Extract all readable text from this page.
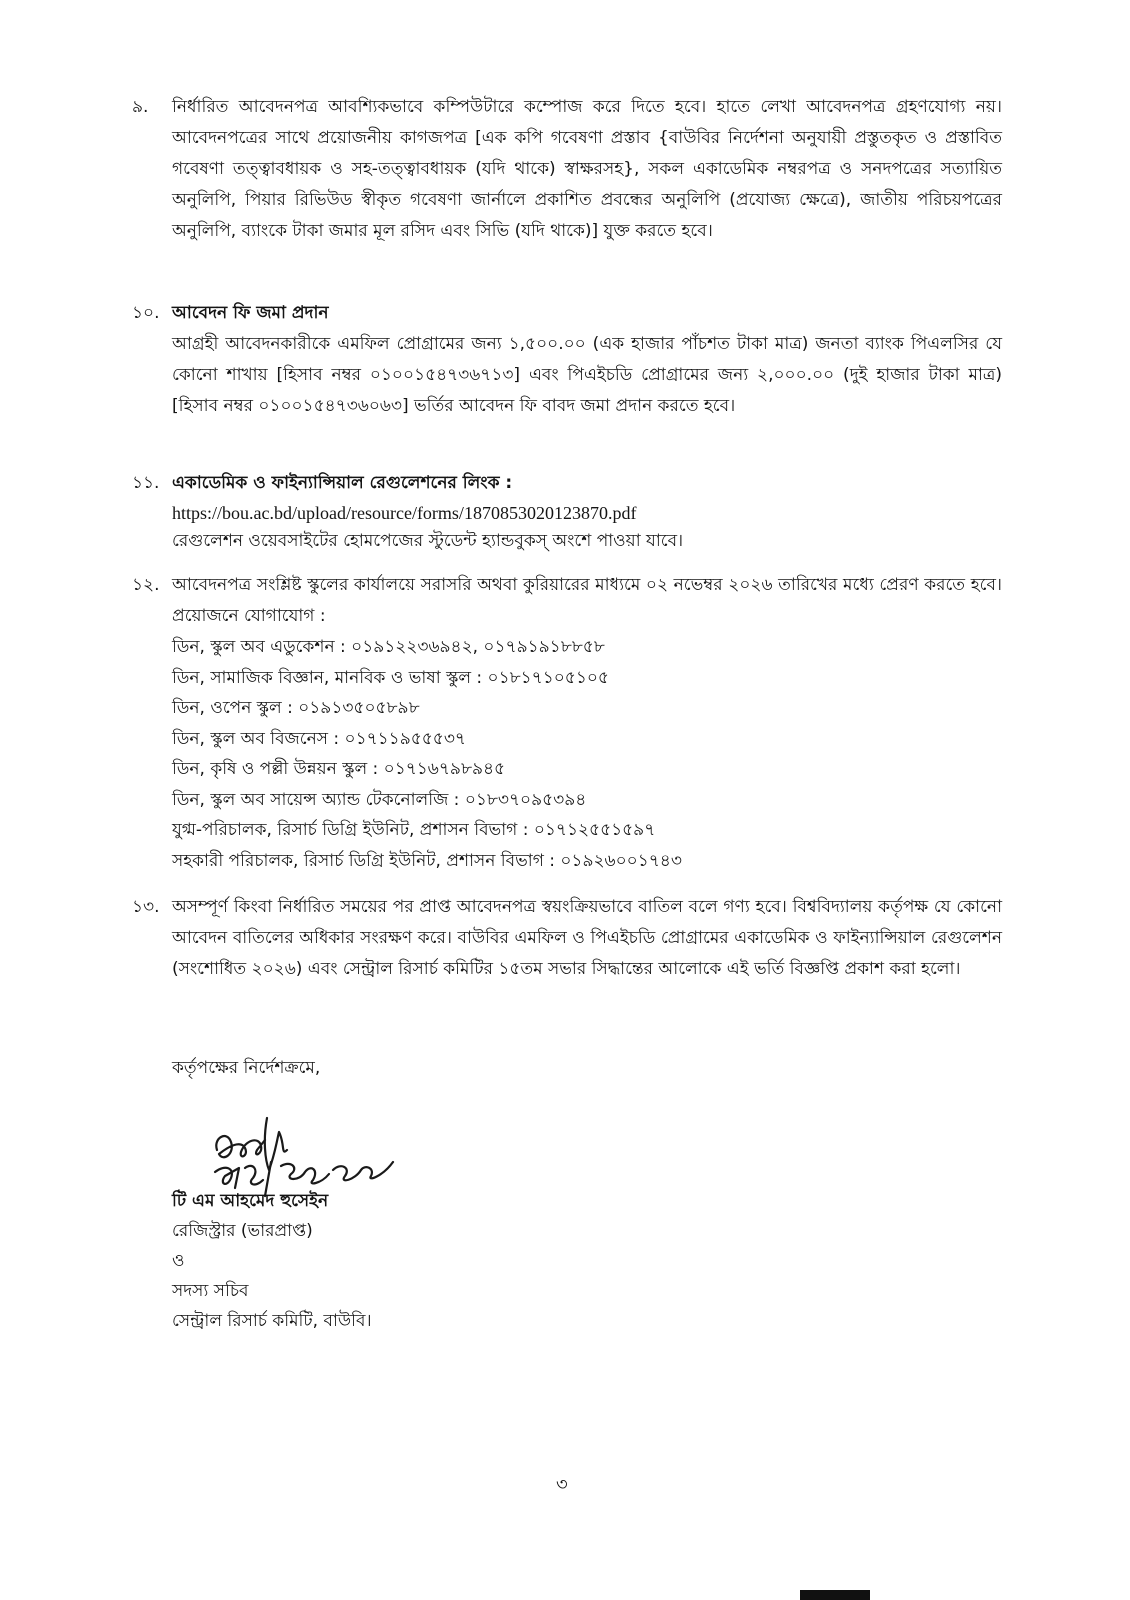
৯. নির্ধারিত আবেদনপত্র আবশ্যিকভাবে কম্পিউটারে কম্পোজ করে দিতে হবে। হাতে লেখা আবেদনপত্র গ্রহণযোগ্য নয়। আবেদনপত্রের সাথে প্রয়োজনীয় কাগজপত্র [এক কপি গবেষণা প্রস্তাব {বাউবির নির্দেশনা অনুযায়ী প্রস্তুতকৃত ও প্রস্তাবিত গবেষণা তত্ত্বাবধায়ক ও সহ-তত্ত্বাবধায়ক (যদি থাকে) স্বাক্ষরসহ}, সকল একাডেমিক নম্বরপত্র ও সনদপত্রের সত্যায়িত অনুলিপি, পিয়ার রিভিউড স্বীকৃত গবেষণা জার্নালে প্রকাশিত প্রবন্ধের অনুলিপি (প্রযোজ্য ক্ষেত্রে), জাতীয় পরিচয়পত্রের অনুলিপি, ব্যাংকে টাকা জমার মূল রসিদ এবং সিভি (যদি থাকে)] যুক্ত করতে হবে।
১০. আবেদন ফি জমা প্রদান
আগ্রহী আবেদনকারীকে এমফিল প্রোগ্রামের জন্য ১,৫০০.০০ (এক হাজার পাঁচশত টাকা মাত্র) জনতা ব্যাংক পিএলসির যে কোনো শাখায় [হিসাব নম্বর ০১০০১৫৪৭৩৬৭১৩] এবং পিএইচডি প্রোগ্রামের জন্য ২,০০০.০০ (দুই হাজার টাকা মাত্র) [হিসাব নম্বর ০১০০১৫৪৭৩৬০৬৩] ভর্তির আবেদন ফি বাবদ জমা প্রদান করতে হবে।
১১. একাডেমিক ও ফাইন্যান্সিয়াল রেগুলেশনের লিংক :
https://bou.ac.bd/upload/resource/forms/1870853020123870.pdf
রেগুলেশন ওয়েবসাইটের হোমপেজের স্টুডেন্ট হ্যান্ডবুকস্ অংশে পাওয়া যাবে।
১২. আবেদনপত্র সংশ্লিষ্ট স্কুলের কার্যালয়ে সরাসরি অথবা কুরিয়ারের মাধ্যমে ০২ নভেম্বর ২০২৬ তারিখের মধ্যে প্রেরণ করতে হবে। প্রয়োজনে যোগাযোগ :
ডিন, স্কুল অব এডুকেশন : ০১৯১২২৩৬৯৪২, ০১৭৯১৯১৮৮৫৮
ডিন, সামাজিক বিজ্ঞান, মানবিক ও ভাষা স্কুল : ০১৮১৭১০৫১০৫
ডিন, ওপেন স্কুল : ০১৯১৩৫০৫৮৯৮
ডিন, স্কুল অব বিজনেস : ০১৭১১৯৫৫৫৩৭
ডিন, কৃষি ও পল্লী উন্নয়ন স্কুল : ০১৭১৬৭৯৮৯৪৫
ডিন, স্কুল অব সায়েন্স অ্যান্ড টেকনোলজি : ০১৮৩৭০৯৫৩৯৪
যুগ্ম-পরিচালক, রিসার্চ ডিগ্রি ইউনিট, প্রশাসন বিভাগ : ০১৭১২৫৫১৫৯৭
সহকারী পরিচালক, রিসার্চ ডিগ্রি ইউনিট, প্রশাসন বিভাগ : ০১৯২৬০০১৭৪৩
১৩. অসম্পূর্ণ কিংবা নির্ধারিত সময়ের পর প্রাপ্ত আবেদনপত্র স্বয়ংক্রিয়ভাবে বাতিল বলে গণ্য হবে। বিশ্ববিদ্যালয় কর্তৃপক্ষ যে কোনো আবেদন বাতিলের অধিকার সংরক্ষণ করে। বাউবির এমফিল ও পিএইচডি প্রোগ্রামের একাডেমিক ও ফাইন্যান্সিয়াল রেগুলেশন (সংশোধিত ২০২৬) এবং সেন্ট্রাল রিসার্চ কমিটির ১৫তম সভার সিদ্ধান্তের আলোকে এই ভর্তি বিজ্ঞপ্তি প্রকাশ করা হলো।
কর্তৃপক্ষের নির্দেশক্রমে,
টি এম আহমেদ হুসেইন
রেজিস্ট্রার (ভারপ্রাপ্ত)
ও
সদস্য সচিব
সেন্ট্রাল রিসার্চ কমিটি, বাউবি।
৩
